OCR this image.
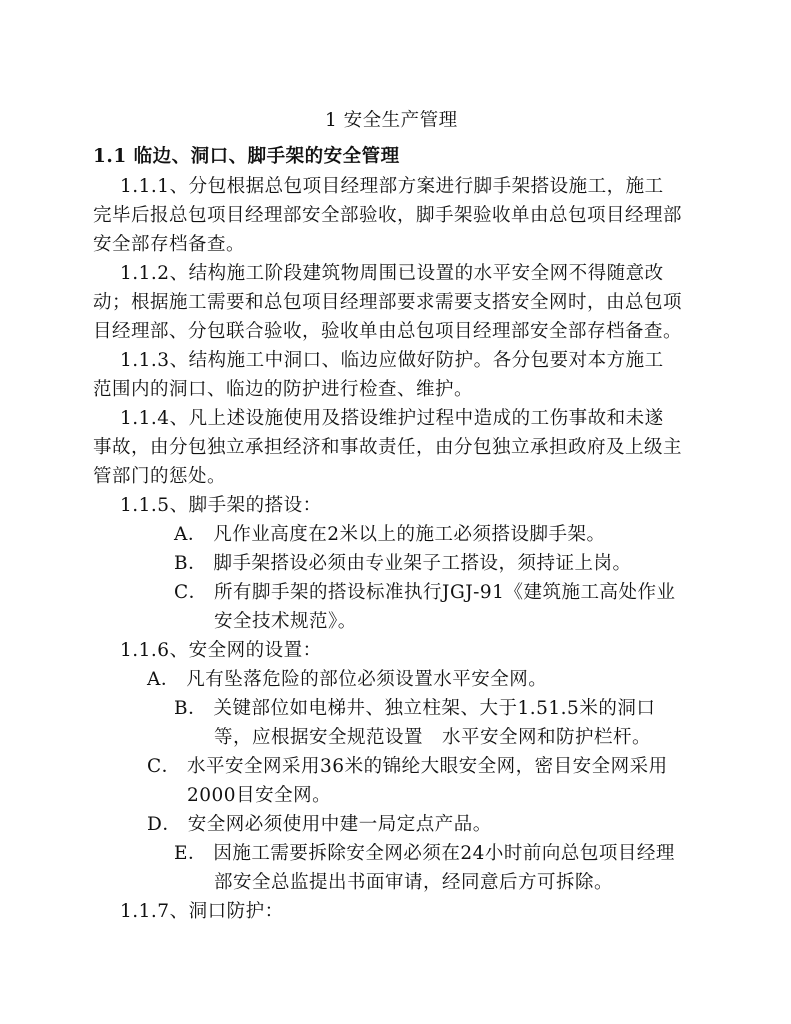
1 安全生产管理
1.1 临边、洞口、脚手架的安全管理
1.1.1、分包根据总包项目经理部方案进行脚手架搭设施工，施工
完毕后报总包项目经理部安全部验收，脚手架验收单由总包项目经理部
安全部存档备查。
1.1.2、结构施工阶段建筑物周围已设置的水平安全网不得随意改
动；根据施工需要和总包项目经理部要求需要支搭安全网时，由总包项
目经理部、分包联合验收，验收单由总包项目经理部安全部存档备查。
1.1.3、结构施工中洞口、临边应做好防护。各分包要对本方施工
范围内的洞口、临边的防护进行检查、维护。
1.1.4、凡上述设施使用及搭设维护过程中造成的工伤事故和未遂
事故，由分包独立承担经济和事故责任，由分包独立承担政府及上级主
管部门的惩处。
1.1.5、脚手架的搭设：
A． 凡作业高度在2米以上的施工必须搭设脚手架。
B． 脚手架搭设必须由专业架子工搭设，须持证上岗。
C． 所有脚手架的搭设标准执行JGJ-91《建筑施工高处作业
安全技术规范》。
1.1.6、安全网的设置：
A． 凡有坠落危险的部位必须设置水平安全网。
B． 关键部位如电梯井、独立柱架、大于1.51.5米的洞口
等，应根据安全规范设置　水平安全网和防护栏杆。
C． 水平安全网采用36米的锦纶大眼安全网，密目安全网采用
2000目安全网。
D． 安全网必须使用中建一局定点产品。
E． 因施工需要拆除安全网必须在24小时前向总包项目经理
部安全总监提出书面审请，经同意后方可拆除。
1.1.7、洞口防护：
